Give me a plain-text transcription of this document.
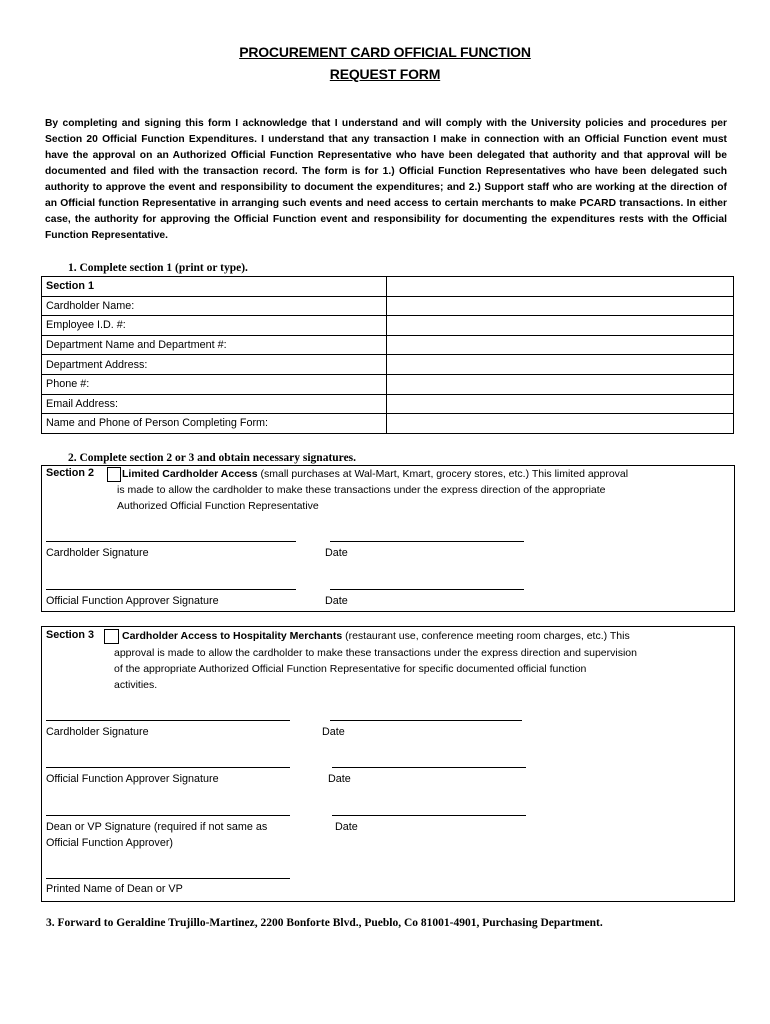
PROCUREMENT CARD OFFICIAL FUNCTION
REQUEST FORM
By completing and signing this form I acknowledge that I understand and will comply with the University policies and procedures per Section 20 Official Function Expenditures. I understand that any transaction I make in connection with an Official Function event must have the approval on an Authorized Official Function Representative who have been delegated that authority and that approval will be documented and filed with the transaction record. The form is for 1.) Official Function Representatives who have been delegated such authority to approve the event and responsibility to document the expenditures; and 2.) Support staff who are working at the direction of an Official function Representative in arranging such events and need access to certain merchants to make PCARD transactions. In either case, the authority for approving the Official Function event and responsibility for documenting the expenditures rests with the Official Function Representative.
1. Complete section 1 (print or type).
Section 1	
Cardholder Name:	
Employee I.D. #:	
Department Name and Department #:	
Department Address:	
Phone #:	
Email Address:	
Name and Phone of Person Completing Form:	
2. Complete section 2 or 3 and obtain necessary signatures.
Section 2	Limited Cardholder Access (small purchases at Wal-Mart, Kmart, grocery stores, etc.) This limited approval
is made to allow the cardholder to make these transactions under the express direction of the appropriate
Authorized Official Function Representative
Cardholder Signature	Date
Official Function Approver Signature	Date
Section 3	Cardholder Access to Hospitality Merchants (restaurant use, conference meeting room charges, etc.) This
approval is made to allow the cardholder to make these transactions under the express direction and supervision
of the appropriate Authorized Official Function Representative for specific documented official function
activities.
Cardholder Signature	Date
Official Function Approver Signature	Date
Dean or VP Signature (required if not same as
Official Function Approver)
Date
Printed Name of Dean or VP
3. Forward to Geraldine Trujillo-Martinez, 2200 Bonforte Blvd., Pueblo, Co 81001-4901, Purchasing Department.
